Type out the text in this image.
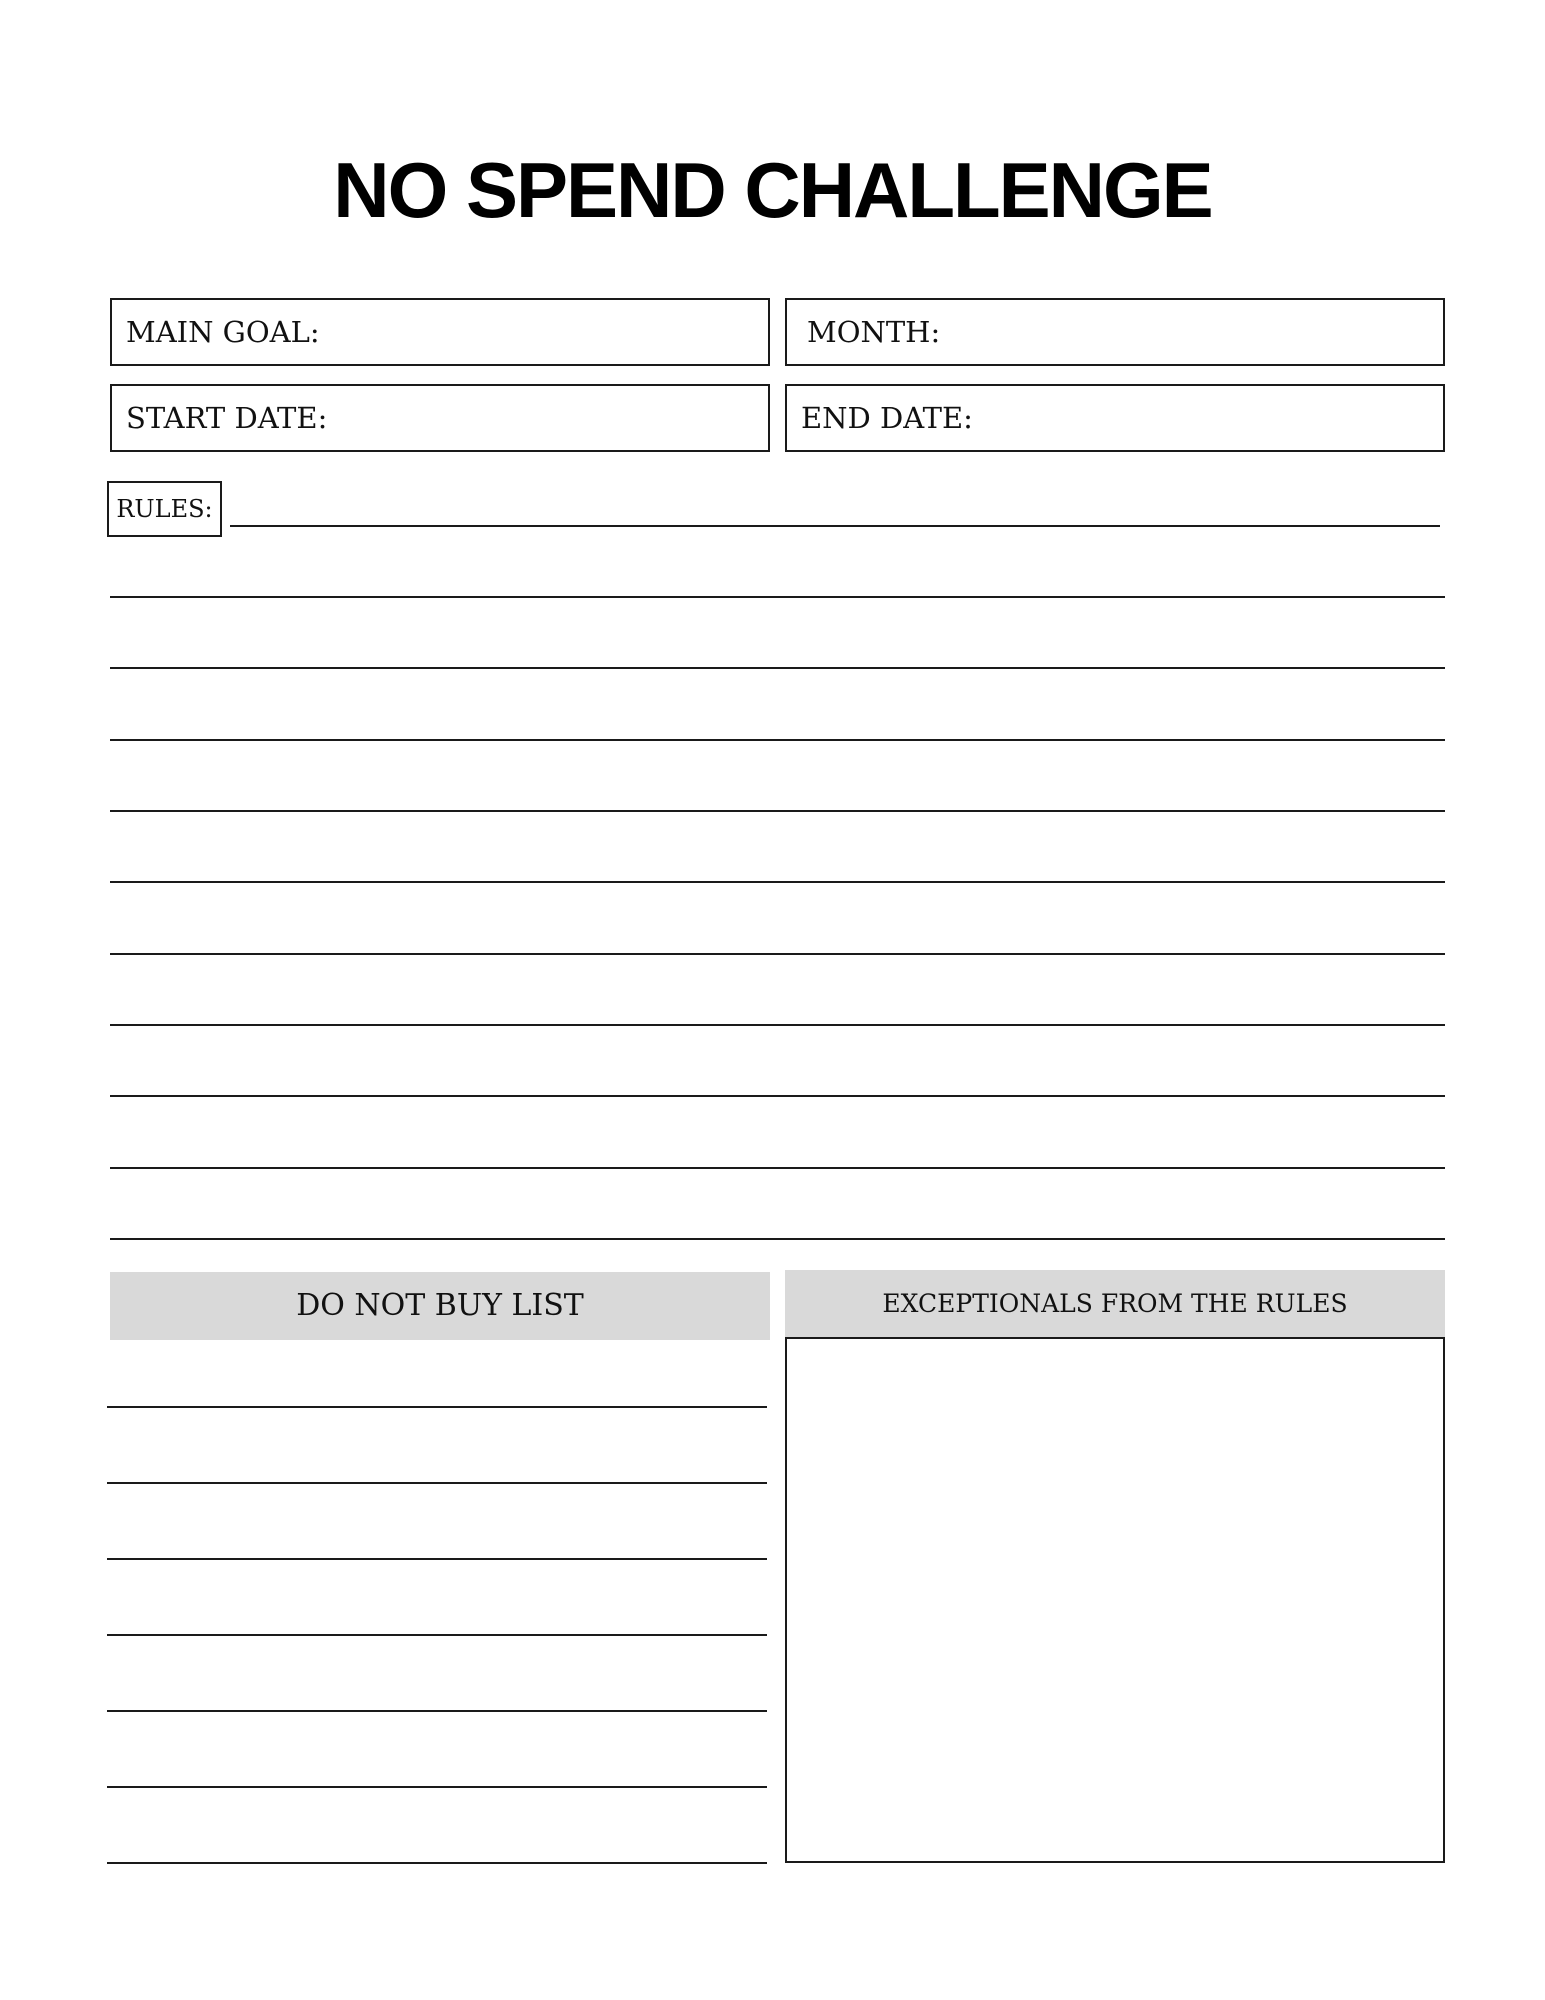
NO SPEND CHALLENGE
MAIN GOAL:	MONTH:
START DATE:	END DATE:
RULES:
DO NOT BUY LIST	EXCEPTIONALS FROM THE RULES
